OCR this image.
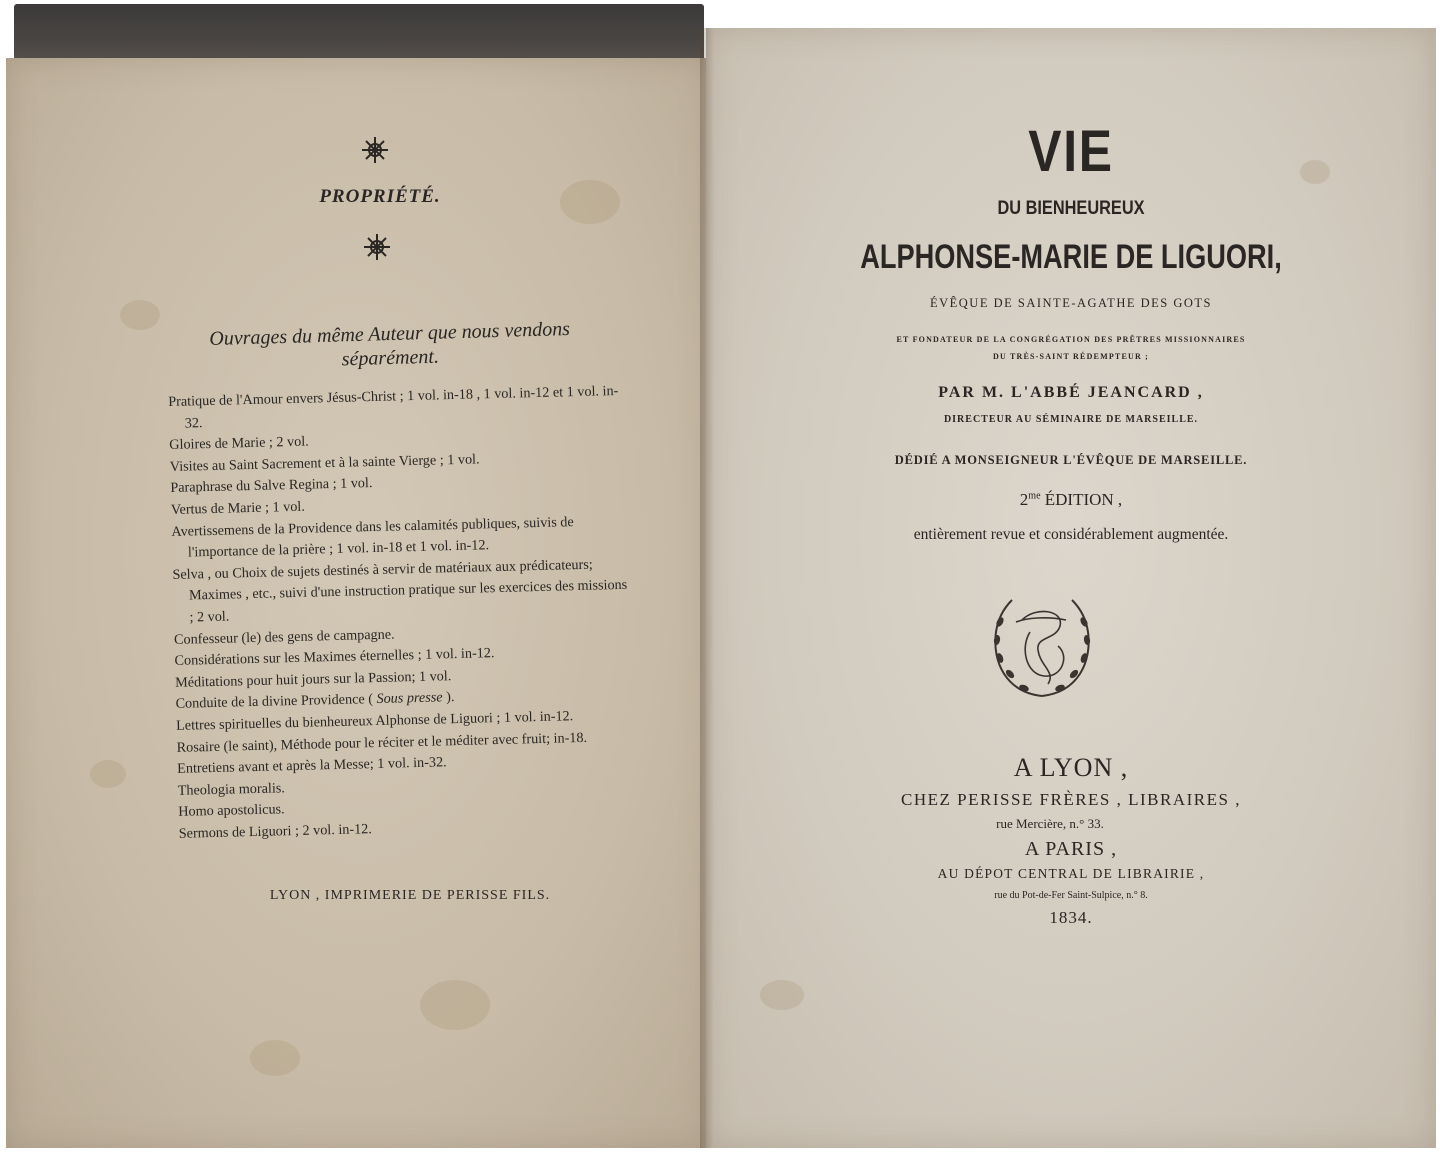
PROPRIÉTÉ.
Ouvrages du même Auteur que nous vendons
séparément.
Pratique de l'Amour envers Jésus-Christ ; 1 vol. in-18 , 1 vol. in-12 et 1 vol. in-32.
Gloires de Marie ; 2 vol.
Visites au Saint Sacrement et à la sainte Vierge ; 1 vol.
Paraphrase du Salve Regina ; 1 vol.
Vertus de Marie ; 1 vol.
Avertissemens de la Providence dans les calamités publiques, suivis de l'importance de la prière ; 1 vol. in-18 et 1 vol. in-12.
Selva , ou Choix de sujets destinés à servir de matériaux aux prédicateurs; Maximes , etc., suivi d'une instruction pratique sur les exercices des missions ; 2 vol.
Confesseur (le) des gens de campagne.
Considérations sur les Maximes éternelles ; 1 vol. in-12.
Méditations pour huit jours sur la Passion; 1 vol.
Conduite de la divine Providence ( Sous presse ).
Lettres spirituelles du bienheureux Alphonse de Liguori ; 1 vol. in-12.
Rosaire (le saint), Méthode pour le réciter et le méditer avec fruit; in-18.
Entretiens avant et après la Messe; 1 vol. in-32.
Theologia moralis.
Homo apostolicus.
Sermons de Liguori ; 2 vol. in-12.
LYON , IMPRIMERIE DE PERISSE FILS.
VIE
DU BIENHEUREUX
ALPHONSE-MARIE DE LIGUORI,
ÉVÊQUE DE SAINTE-AGATHE DES GOTS
ET FONDATEUR DE LA CONGRÉGATION DES PRÊTRES MISSIONNAIRES
DU TRÈS-SAINT RÉDEMPTEUR ;
PAR M. L'ABBÉ JEANCARD ,
DIRECTEUR AU SÉMINAIRE DE MARSEILLE.
DÉDIÉ A MONSEIGNEUR L'ÉVÊQUE DE MARSEILLE.
$2^{me}$ ÉDITION ,
entièrement revue et considérablement augmentée.
A LYON ,
CHEZ PERISSE FRÈRES , LIBRAIRES ,
rue Mercière, n.° 33.
A PARIS ,
AU DÉPOT CENTRAL DE LIBRAIRIE ,
rue du Pot-de-Fer Saint-Sulpice, n.° 8.
1834.
